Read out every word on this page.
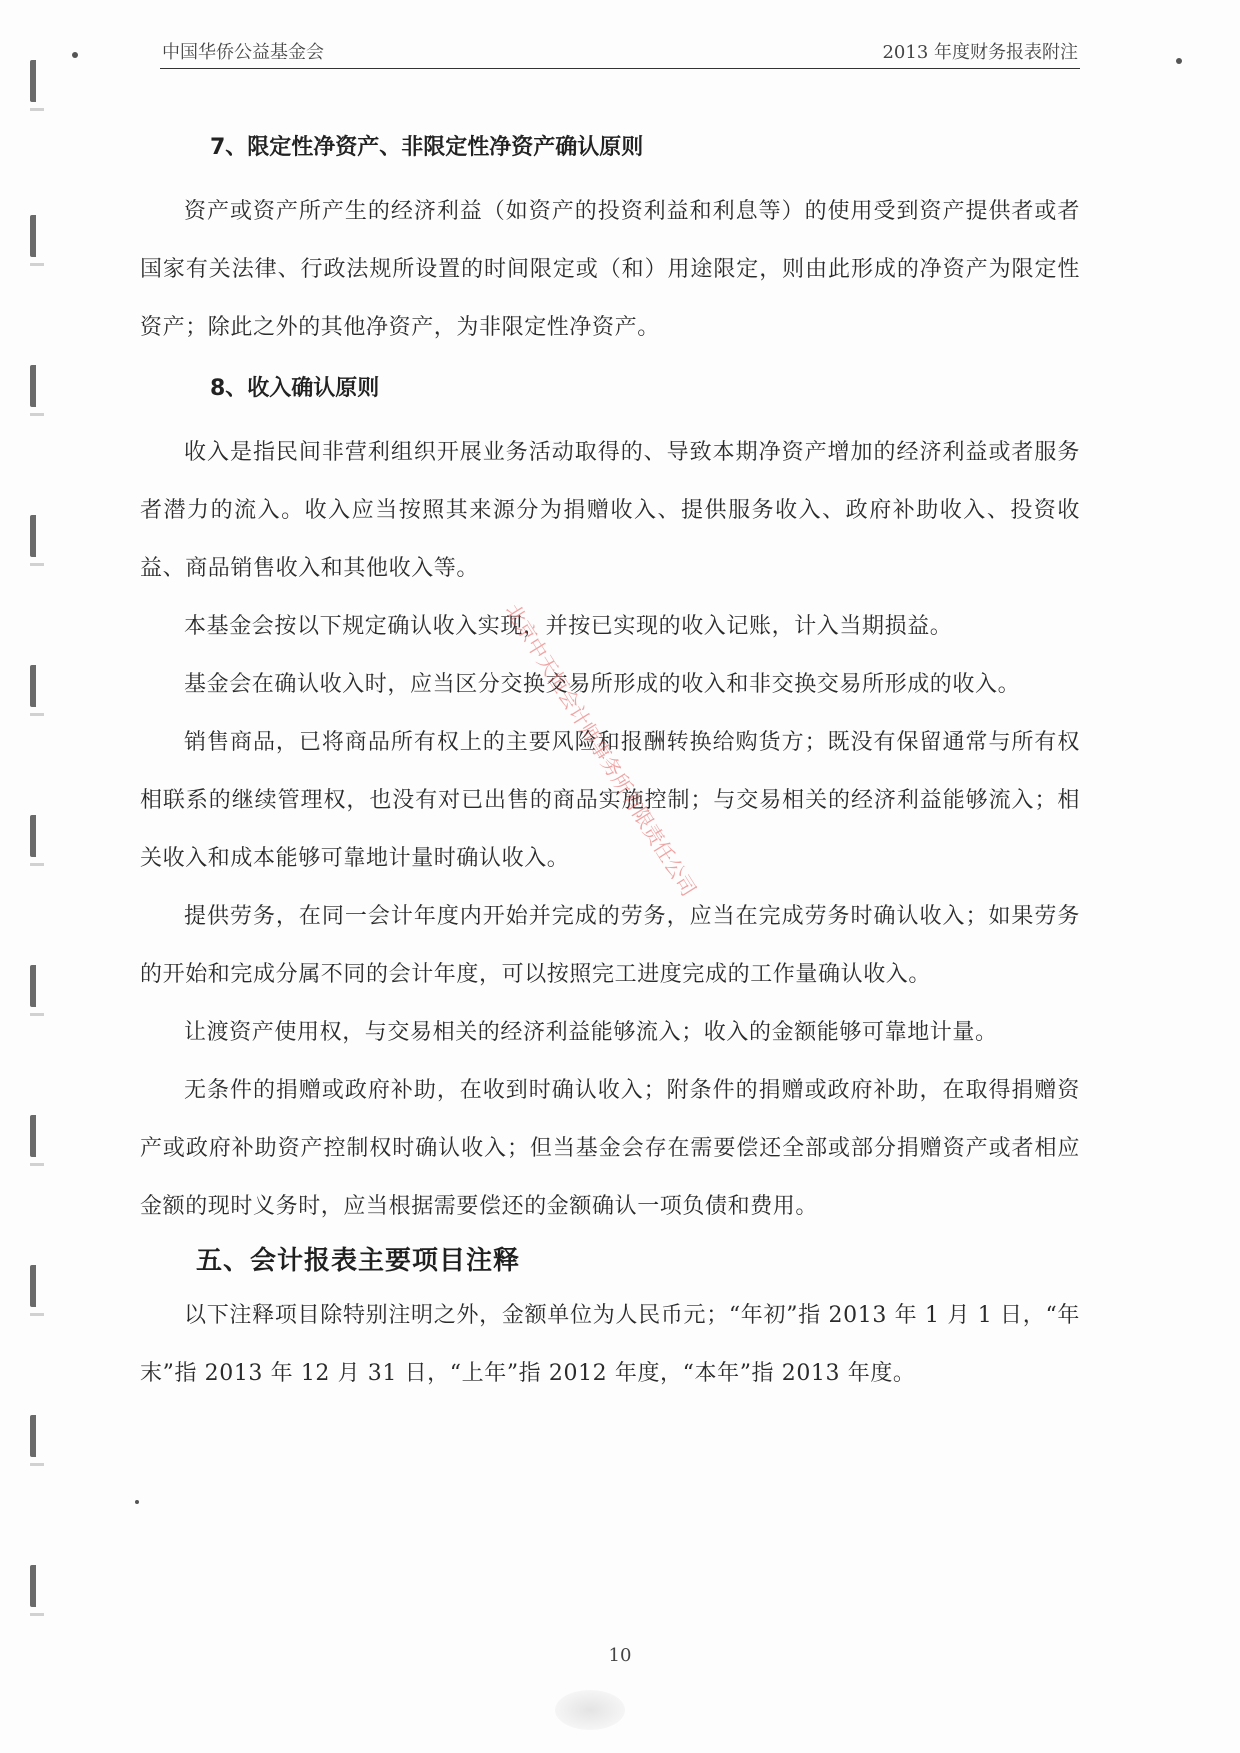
中国华侨公益基金会	2013 年度财务报表附注
7、限定性净资产、非限定性净资产确认原则

资产或资产所产生的经济利益（如资产的投资利益和利息等）的使用受到资产提供者或者国家有关法律、行政法规所设置的时间限定或（和）用途限定，则由此形成的净资产为限定性资产；除此之外的其他净资产，为非限定性净资产。

8、收入确认原则

收入是指民间非营利组织开展业务活动取得的、导致本期净资产增加的经济利益或者服务者潜力的流入。收入应当按照其来源分为捐赠收入、提供服务收入、政府补助收入、投资收益、商品销售收入和其他收入等。

本基金会按以下规定确认收入实现，并按已实现的收入记账，计入当期损益。

基金会在确认收入时，应当区分交换交易所形成的收入和非交换交易所形成的收入。

销售商品，已将商品所有权上的主要风险和报酬转换给购货方；既没有保留通常与所有权相联系的继续管理权，也没有对已出售的商品实施控制；与交易相关的经济利益能够流入；相关收入和成本能够可靠地计量时确认收入。

提供劳务，在同一会计年度内开始并完成的劳务，应当在完成劳务时确认收入；如果劳务的开始和完成分属不同的会计年度，可以按照完工进度完成的工作量确认收入。

让渡资产使用权，与交易相关的经济利益能够流入；收入的金额能够可靠地计量。

无条件的捐赠或政府补助，在收到时确认收入；附条件的捐赠或政府补助，在取得捐赠资产或政府补助资产控制权时确认收入；但当基金会存在需要偿还全部或部分捐赠资产或者相应金额的现时义务时，应当根据需要偿还的金额确认一项负债和费用。

五、会计报表主要项目注释

以下注释项目除特别注明之外，金额单位为人民币元；“年初”指 2013 年 1 月 1 日，“年末”指 2013 年 12 月 31 日，“上年”指 2012 年度，“本年”指 2013 年度。

北京中天恒会计师事务所有限责任公司
10
